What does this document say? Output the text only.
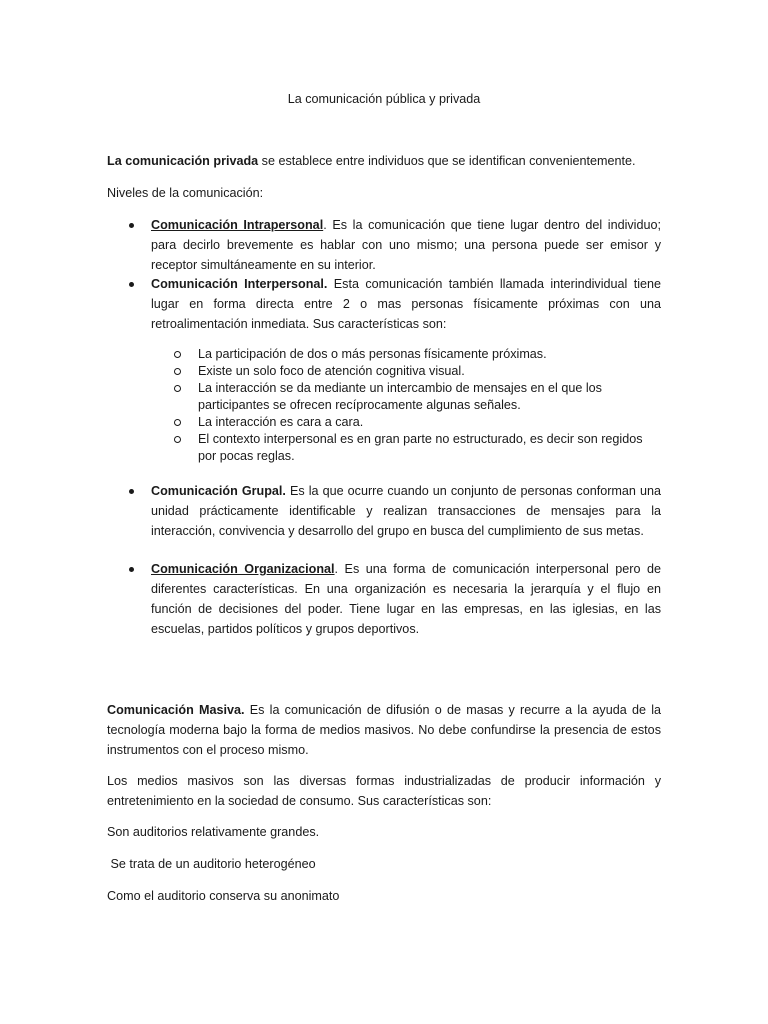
La comunicación pública y privada

La comunicación privada se establece entre individuos que se identifican convenientemente.

Niveles de la comunicación:

Comunicación Intrapersonal. Es la comunicación que tiene lugar dentro del individuo; para decirlo brevemente es hablar con uno mismo; una persona puede ser emisor y receptor simultáneamente en su interior.
Comunicación Interpersonal. Esta comunicación también llamada interindividual tiene lugar en forma directa entre 2 o mas personas físicamente próximas con una retroalimentación inmediata. Sus características son:

La participación de dos o más personas físicamente próximas.

Existe un solo foco de atención cognitiva visual.

La interacción se da mediante un intercambio de mensajes en el que los participantes se ofrecen recíprocamente algunas señales.

La interacción es cara a cara.

El contexto interpersonal es en gran parte no estructurado, es decir son regidos por pocas reglas.

Comunicación Grupal. Es la que ocurre cuando un conjunto de personas conforman una unidad prácticamente identificable y realizan transacciones de mensajes para la interacción, convivencia y desarrollo del grupo en busca del cumplimiento de sus metas.
Comunicación Organizacional. Es una forma de comunicación interpersonal pero de diferentes características. En una organización es necesaria la jerarquía y el flujo en función de decisiones del poder. Tiene lugar en las empresas, en las iglesias, en las escuelas, partidos políticos y grupos deportivos.

Comunicación Masiva. Es la comunicación de difusión o de masas y recurre a la ayuda de la tecnología moderna bajo la forma de medios masivos. No debe confundirse la presencia de estos instrumentos con el proceso mismo.

Los medios masivos son las diversas formas industrializadas de producir información y entretenimiento en la sociedad de consumo. Sus características son:

Son auditorios relativamente grandes.

Se trata de un auditorio heterogéneo

Como el auditorio conserva su anonimato
